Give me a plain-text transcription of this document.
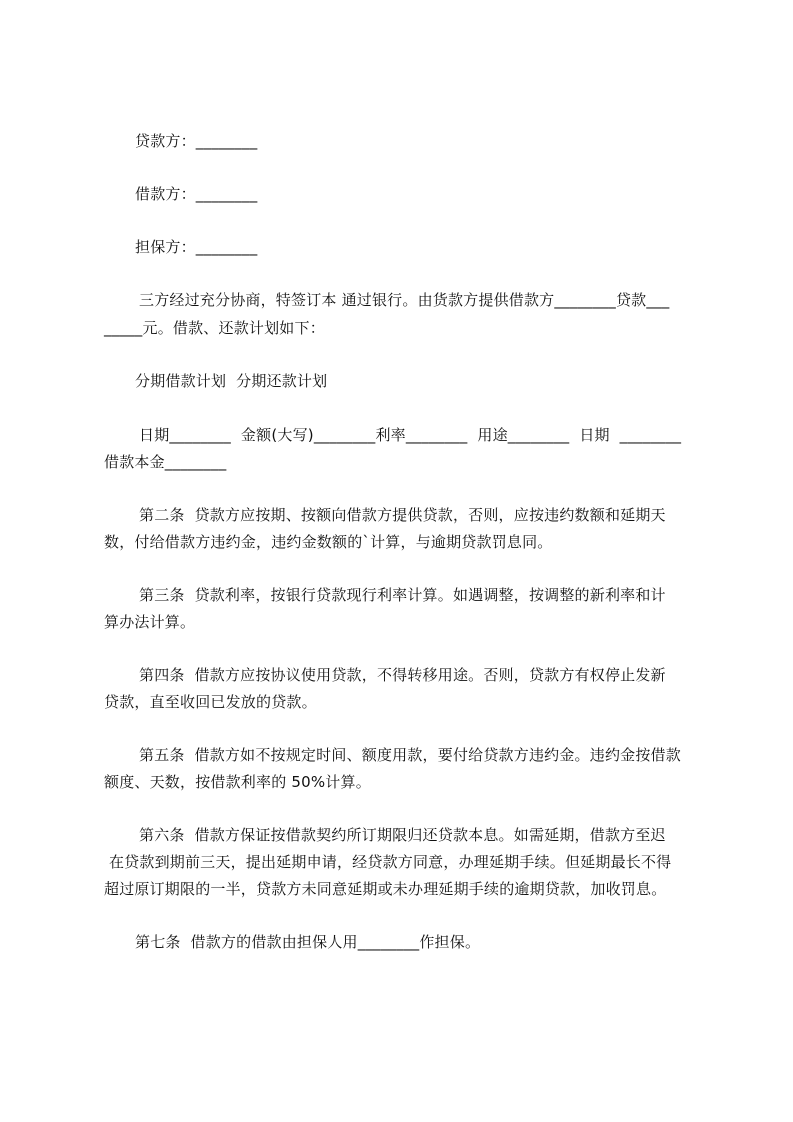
贷款方：________
借款方：________
担保方：________
三方经过充分协商，特签订本 通过银行。由货款方提供借款方________贷款___
_____元。借款、还款计划如下：
分期借款计划  分期还款计划
日期________  金额(大写)________利率________  用途________  日期  ________
借款本金________
第二条  贷款方应按期、按额向借款方提供贷款，否则，应按违约数额和延期天
数，付给借款方违约金，违约金数额的`计算，与逾期贷款罚息同。
第三条  贷款利率，按银行贷款现行利率计算。如遇调整，按调整的新利率和计
算办法计算。
第四条  借款方应按协议使用贷款，不得转移用途。否则，贷款方有权停止发新
贷款，直至收回已发放的贷款。
第五条  借款方如不按规定时间、额度用款，要付给贷款方违约金。违约金按借款
额度、天数，按借款利率的 50%计算。
第六条  借款方保证按借款契约所订期限归还贷款本息。如需延期，借款方至迟
在贷款到期前三天，提出延期申请，经贷款方同意，办理延期手续。但延期最长不得
超过原订期限的一半，贷款方未同意延期或未办理延期手续的逾期贷款，加收罚息。
第七条  借款方的借款由担保人用________作担保。
